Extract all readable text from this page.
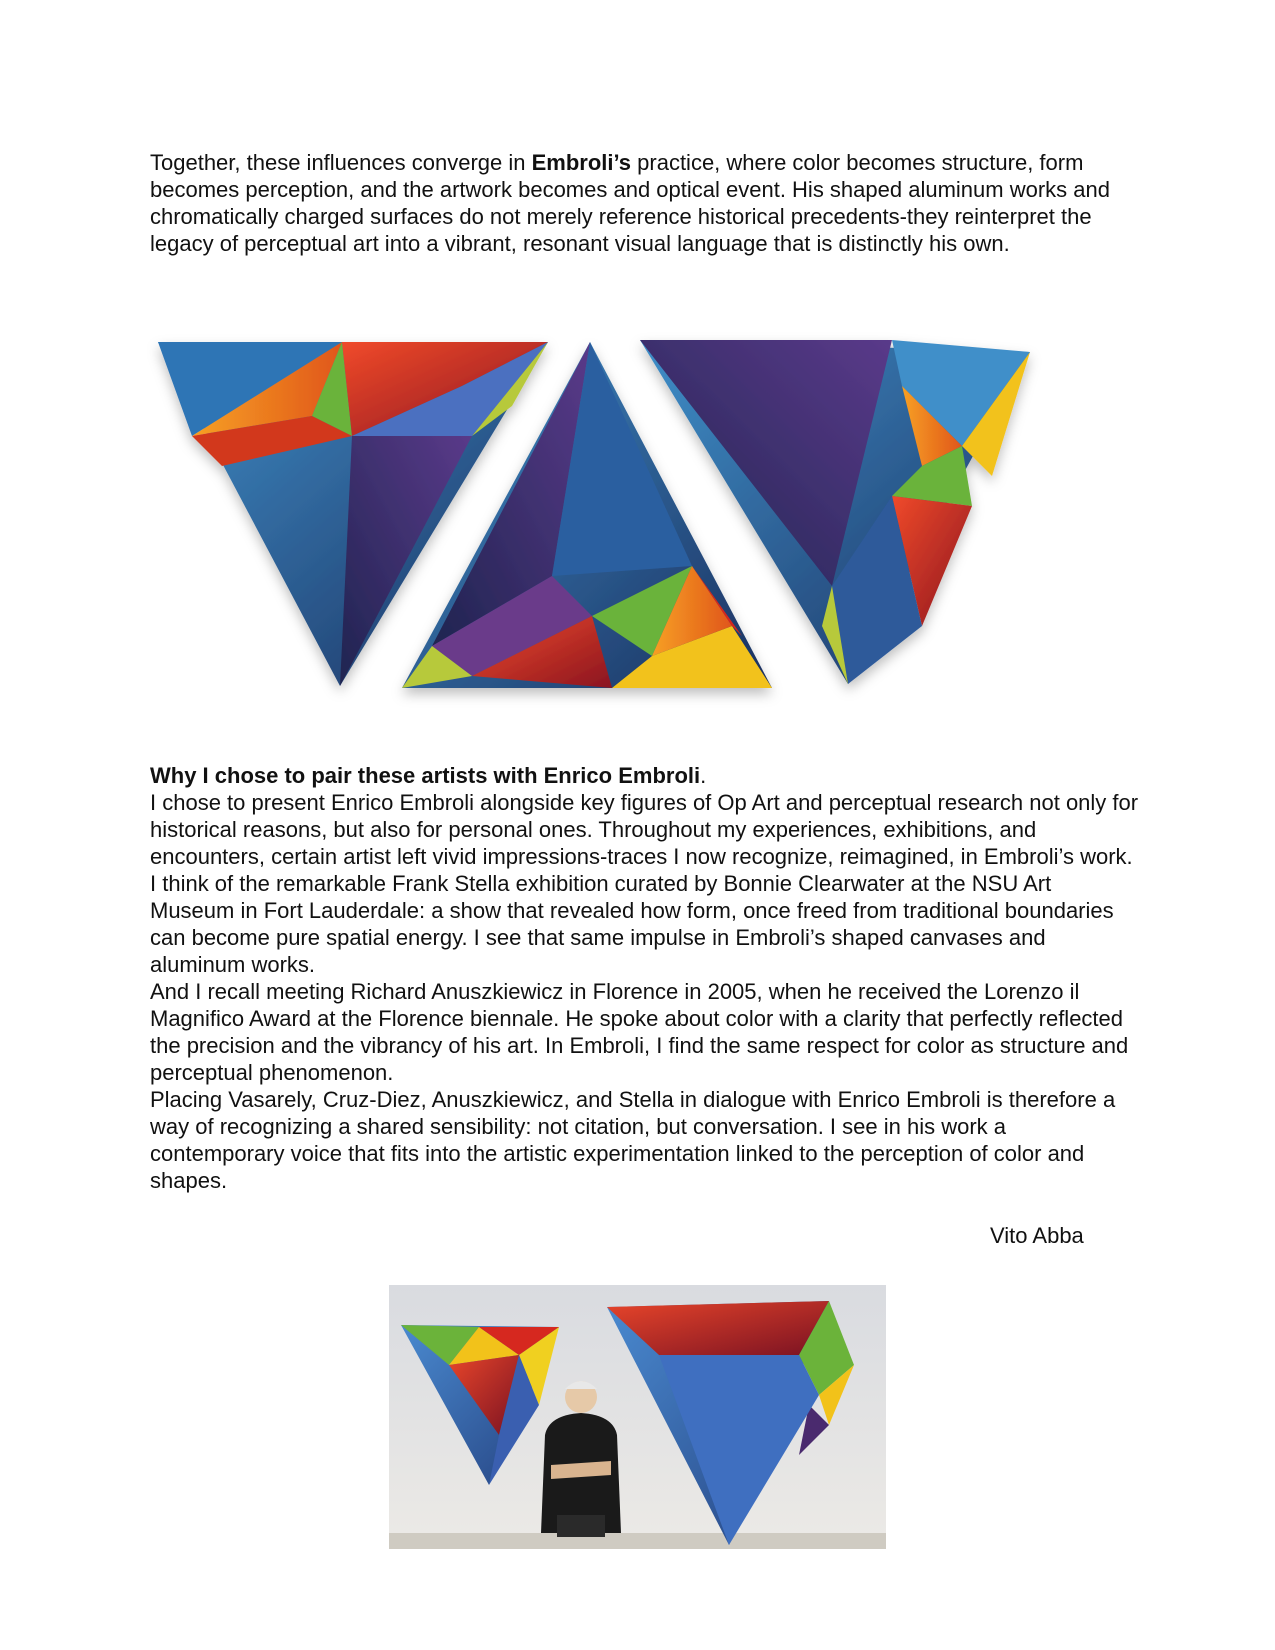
Together, these influences converge in Embroli’s practice, where color becomes structure, form becomes perception, and the artwork becomes and optical event. His shaped aluminum works and chromatically charged surfaces do not merely reference historical precedents-they reinterpret the legacy of perceptual art into a vibrant, resonant visual language that is distinctly his own.

Why I chose to pair these artists with Enrico Embroli.

I chose to present Enrico Embroli alongside key figures of Op Art and perceptual research not only for historical reasons, but also for personal ones. Throughout my experiences, exhibitions, and encounters, certain artist left vivid impressions-traces I now recognize, reimagined, in Embroli’s work.

I think of the remarkable Frank Stella exhibition curated by Bonnie Clearwater at the NSU Art Museum in Fort Lauderdale: a show that revealed how form, once freed from traditional boundaries can become pure spatial energy. I see that same impulse in Embroli’s shaped canvases and aluminum works.

And I recall meeting Richard Anuszkiewicz in Florence in 2005, when he received the Lorenzo il Magnifico Award at the Florence biennale. He spoke about color with a clarity that perfectly reflected the precision and the vibrancy of his art. In Embroli, I find the same respect for color as structure and perceptual phenomenon.

Placing Vasarely, Cruz-Diez, Anuszkiewicz, and Stella in dialogue with Enrico Embroli is therefore a way of recognizing a shared sensibility: not citation, but conversation. I see in his work a contemporary voice that fits into the artistic experimentation linked to the perception of color and shapes.

Vito Abba
